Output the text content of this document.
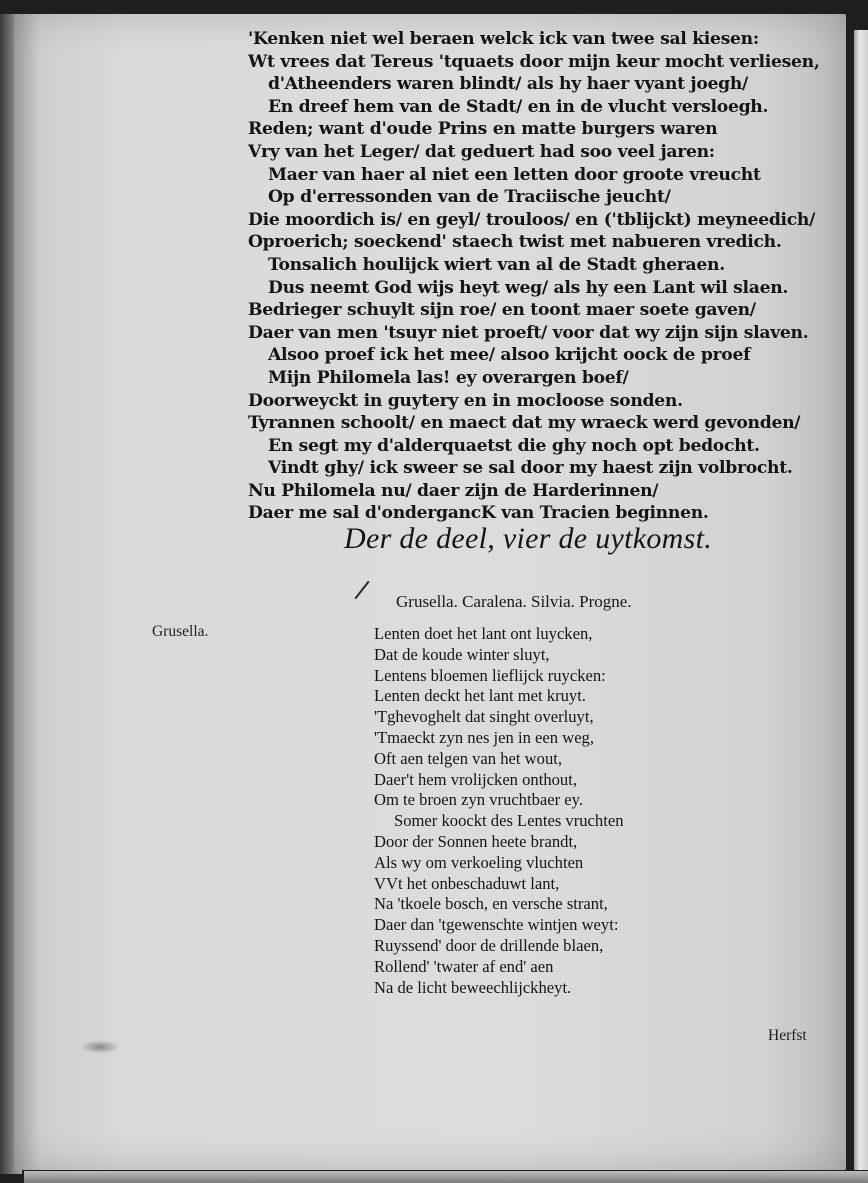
'Kenken niet wel beraen welck ick van twee sal kiesen:
Wt vrees dat Tereus 'tquaets door mijn keur mocht verliesen,
d'Atheenders waren blindt/ als hy haer vyant joegh/
En dreef hem van de Stadt/ en in de vlucht versloegh.
Reden; want d'oude Prins en matte burgers waren
Vry van het Leger/ dat geduert had soo veel jaren:
Maer van haer al niet een letten door groote vreucht
Op d'erressonden van de Traciische jeucht/
Die moordich is/ en geyl/ trouloos/ en ('tblijckt) meyneedich/
Oproerich; soeckend' staech twist met nabueren vredich.
Tonsalich houlijck wiert van al de Stadt gheraen.
Dus neemt God wijs heyt weg/ als hy een Lant wil slaen.
Bedrieger schuylt sijn roe/ en toont maer soete gaven/
Daer van men 'tsuyr niet proeft/ voor dat wy zijn sijn slaven.
Alsoo proef ick het mee/ alsoo krijcht oock de proef
Mijn Philomela las! ey overargen boef/
Doorweyckt in guytery en in mocloose sonden.
Tyrannen schoolt/ en maect dat my wraeck werd gevonden/
En segt my d'alderquaetst die ghy noch opt bedocht.
Vindt ghy/ ick sweer se sal door my haest zijn volbrocht.
Nu Philomela nu/ daer zijn de Harderinnen/
Daer me sal d'ondergancK van Tracien beginnen.
Der de deel, vier de uytkomst.
Grusella. Caralena. Silvia. Progne.
Grusella.	Lenten doet het lant ont luycken,
Dat de koude winter sluyt,
Lentens bloemen lieflijck ruycken:
Lenten deckt het lant met kruyt.
'Tghevoghelt dat singht overluyt,
'Tmaeckt zyn nes jen in een weg,
Oft aen telgen van het wout,
Daer't hem vrolijcken onthout,
Om te broen zyn vruchtbaer ey.
Somer koockt des Lentes vruchten
Door der Sonnen heete brandt,
Als wy om verkoeling vluchten
VVt het onbeschaduwt lant,
Na 'tkoele bosch, en versche strant,
Daer dan 'tgewenschte wintjen weyt:
Ruyssend' door de drillende blaen,
Rollend' 'twater af end' aen
Na de licht beweechlijckheyt.
Herfst
